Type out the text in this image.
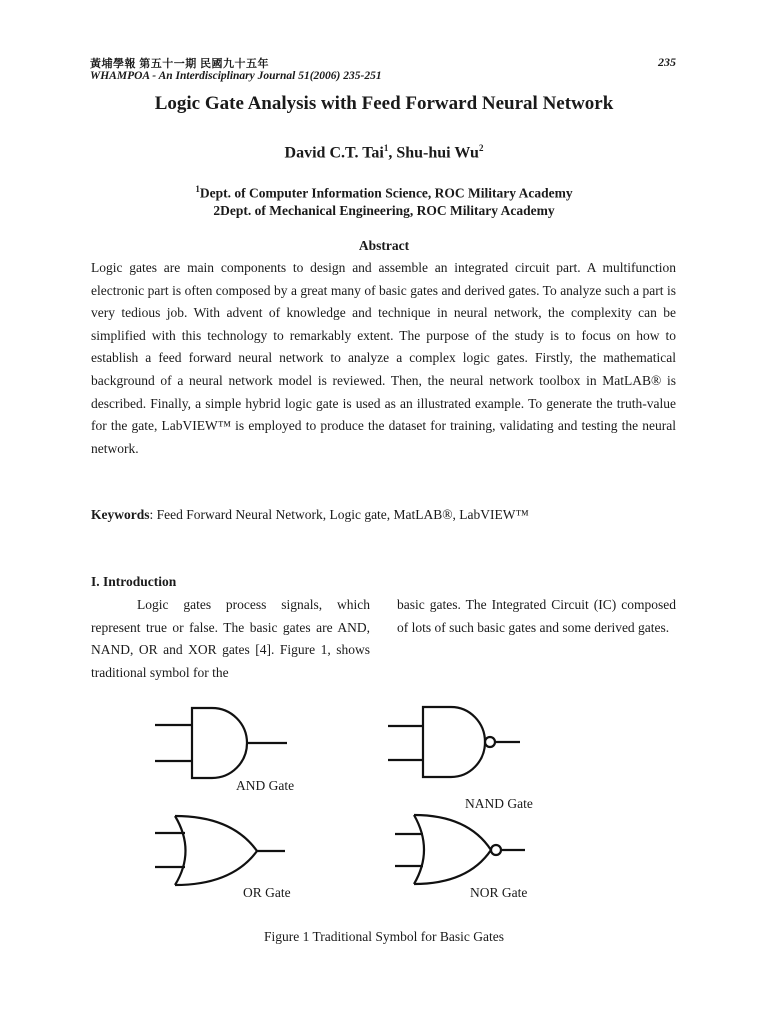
黃埔學報 第五十一期 民國九十五年
WHAMPOA - An Interdisciplinary Journal 51(2006) 235-251
235
Logic Gate Analysis with Feed Forward Neural Network
David C.T. Tai$^1$, Shu-hui Wu$^2$
$^1$Dept. of Computer Information Science, ROC Military Academy
2Dept. of Mechanical Engineering, ROC Military Academy
Abstract

Logic gates are main components to design and assemble an integrated circuit part. A multifunction electronic part is often composed by a great many of basic gates and derived gates. To analyze such a part is very tedious job. With advent of knowledge and technique in neural network, the complexity can be simplified with this technology to remarkably extent. The purpose of the study is to focus on how to establish a feed forward neural network to analyze a complex logic gates. Firstly, the mathematical background of a neural network model is reviewed. Then, the neural network toolbox in MatLAB® is described. Finally, a simple hybrid logic gate is used as an illustrated example. To generate the truth-value for the gate, LabVIEW™ is employed to produce the dataset for training, validating and testing the neural network.

Keywords: Feed Forward Neural Network, Logic gate, MatLAB®, LabVIEW™
I. Introduction

Logic gates process signals, which represent true or false. The basic gates are AND, NAND, OR and XOR gates [4]. Figure 1, shows traditional symbol for the

basic gates. The Integrated Circuit (IC) composed of lots of such basic gates and some derived gates.

AND Gate
NAND Gate
OR Gate	NOR Gate
Figure 1 Traditional Symbol for Basic Gates
